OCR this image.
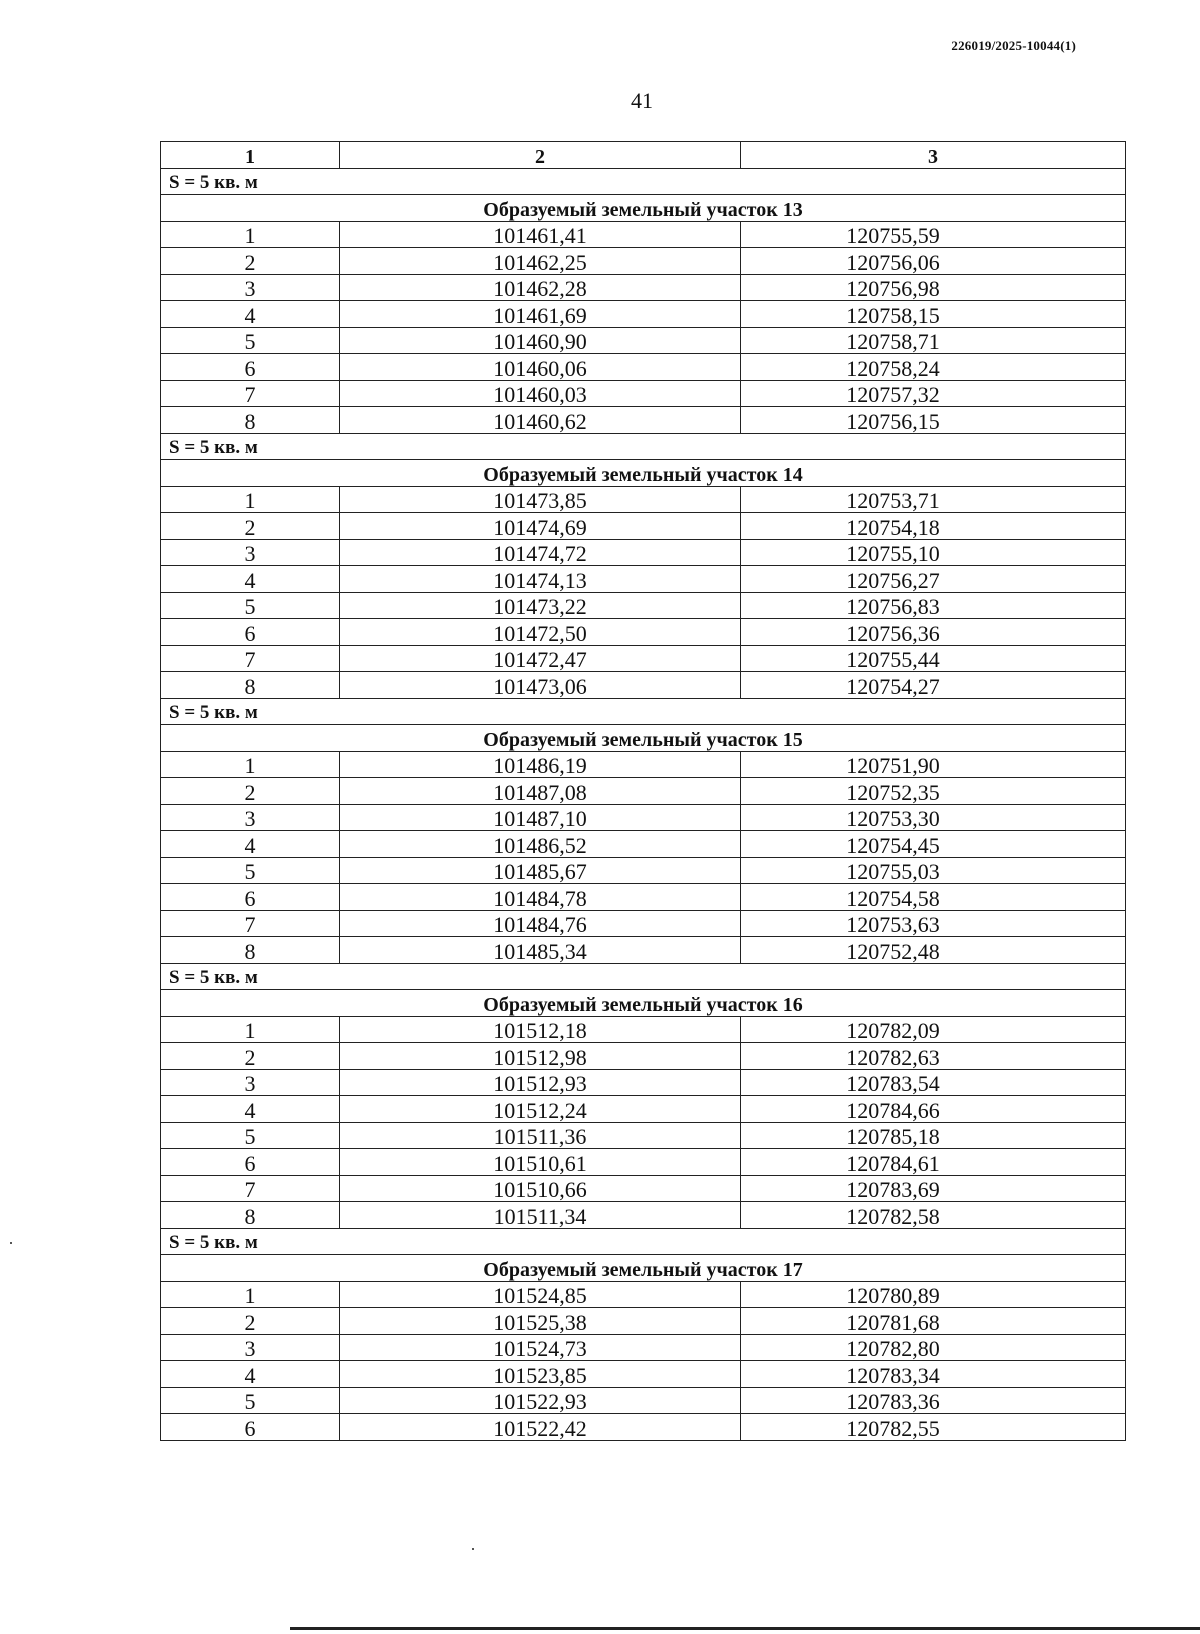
226019/2025-10044(1)
41
1	2	3
S = 5 кв. м		
Образуемый земельный участок 13		
1	101461,41	120755,59
2	101462,25	120756,06
3	101462,28	120756,98
4	101461,69	120758,15
5	101460,90	120758,71
6	101460,06	120758,24
7	101460,03	120757,32
8	101460,62	120756,15
S = 5 кв. м		
Образуемый земельный участок 14		
1	101473,85	120753,71
2	101474,69	120754,18
3	101474,72	120755,10
4	101474,13	120756,27
5	101473,22	120756,83
6	101472,50	120756,36
7	101472,47	120755,44
8	101473,06	120754,27
S = 5 кв. м		
Образуемый земельный участок 15		
1	101486,19	120751,90
2	101487,08	120752,35
3	101487,10	120753,30
4	101486,52	120754,45
5	101485,67	120755,03
6	101484,78	120754,58
7	101484,76	120753,63
8	101485,34	120752,48
S = 5 кв. м		
Образуемый земельный участок 16		
1	101512,18	120782,09
2	101512,98	120782,63
3	101512,93	120783,54
4	101512,24	120784,66
5	101511,36	120785,18
6	101510,61	120784,61
7	101510,66	120783,69
8	101511,34	120782,58
S = 5 кв. м		
Образуемый земельный участок 17		
1	101524,85	120780,89
2	101525,38	120781,68
3	101524,73	120782,80
4	101523,85	120783,34
5	101522,93	120783,36
6	101522,42	120782,55
